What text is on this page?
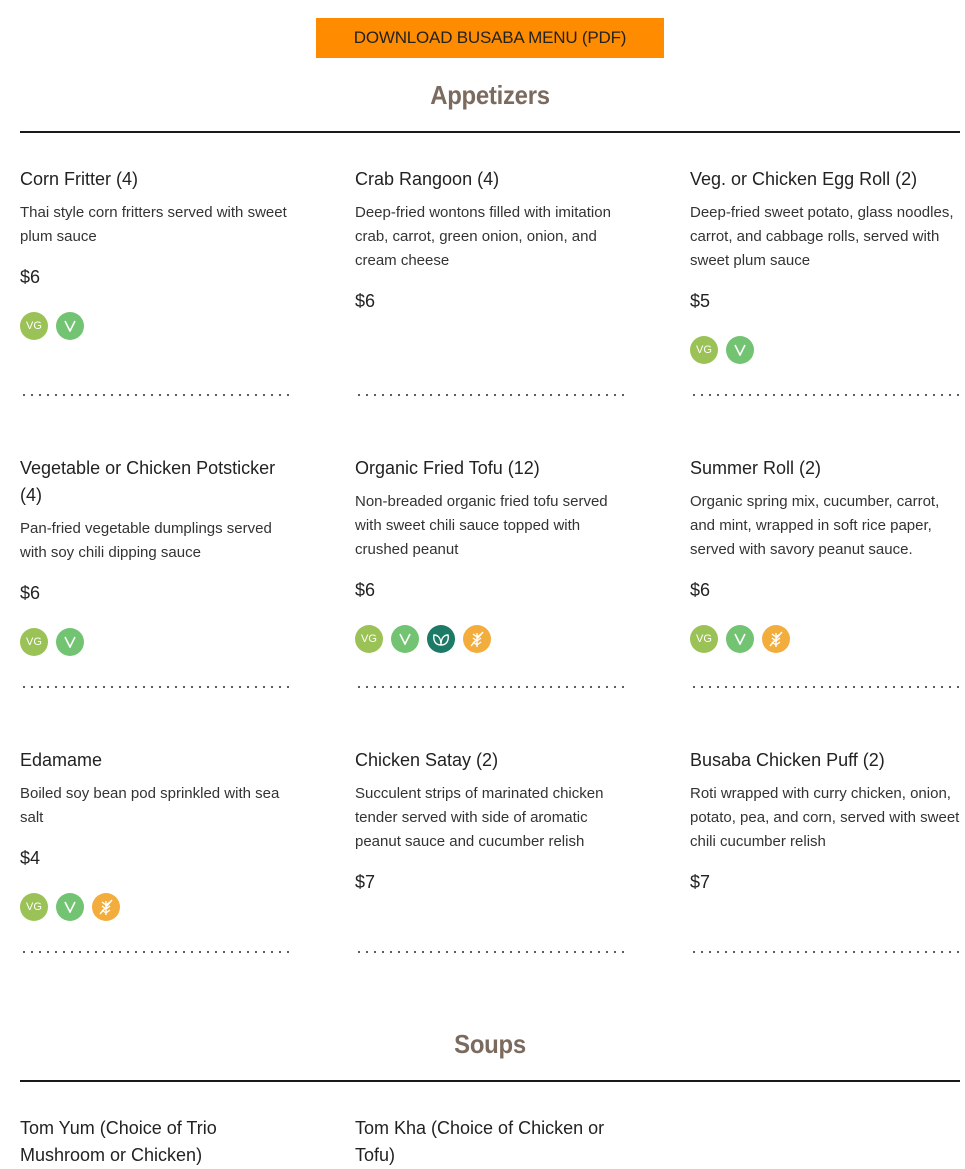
DOWNLOAD BUSABA MENU (PDF)
Appetizers
Corn Fritter (4)
Thai style corn fritters served with sweet plum sauce
$6
VG
Crab Rangoon (4)
Deep-fried wontons filled with imitation crab, carrot, green onion, onion, and cream cheese
$6
Veg. or Chicken Egg Roll (2)
Deep-fried sweet potato, glass noodles, carrot, and cabbage rolls, served with sweet plum sauce
$5
VG
Vegetable or Chicken Potsticker (4)
Pan-fried vegetable dumplings served with soy chili dipping sauce
$6
VG
Organic Fried Tofu (12)
Non-breaded organic fried tofu served with sweet chili sauce topped with crushed peanut
$6
VG
Summer Roll (2)
Organic spring mix, cucumber, carrot, and mint, wrapped in soft rice paper, served with savory peanut sauce.
$6
VG
Edamame
Boiled soy bean pod sprinkled with sea salt
$4
VG
Chicken Satay (2)
Succulent strips of marinated chicken tender served with side of aromatic peanut sauce and cucumber relish
$7
Busaba Chicken Puff (2)
Roti wrapped with curry chicken, onion, potato, pea, and corn, served with sweet chili cucumber relish
$7
Soups
Tom Yum (Choice of Trio Mushroom or Chicken)
Tom Kha (Choice of Chicken or Tofu)
